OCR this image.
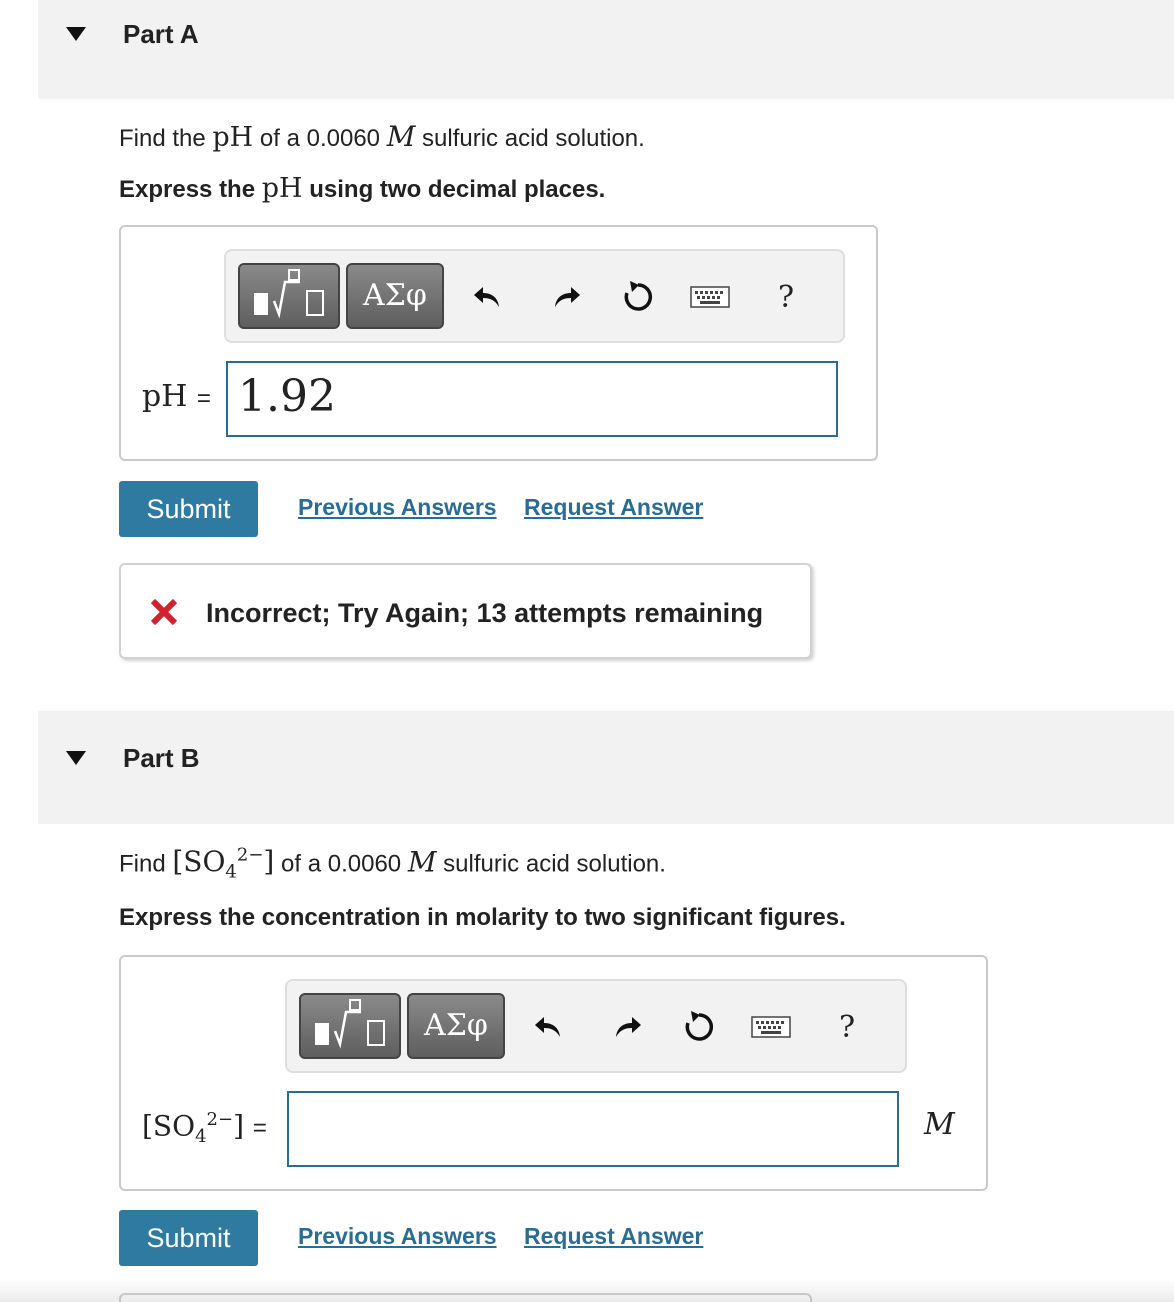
Part A
Find the pH of a 0.0060 M sulfuric acid solution.
Express the pH using two decimal places.
ΑΣφ	?
pH = 1.92
Submit	Previous Answers Request Answer
Incorrect; Try Again; 13 attempts remaining
Part B
Find $[SO_4^{2-}]$ of a 0.0060 M sulfuric acid solution.
Express the concentration in molarity to two significant figures.
ΑΣφ	?
$[SO_4^{2-}]$ =	M
Submit	Previous Answers Request Answer
